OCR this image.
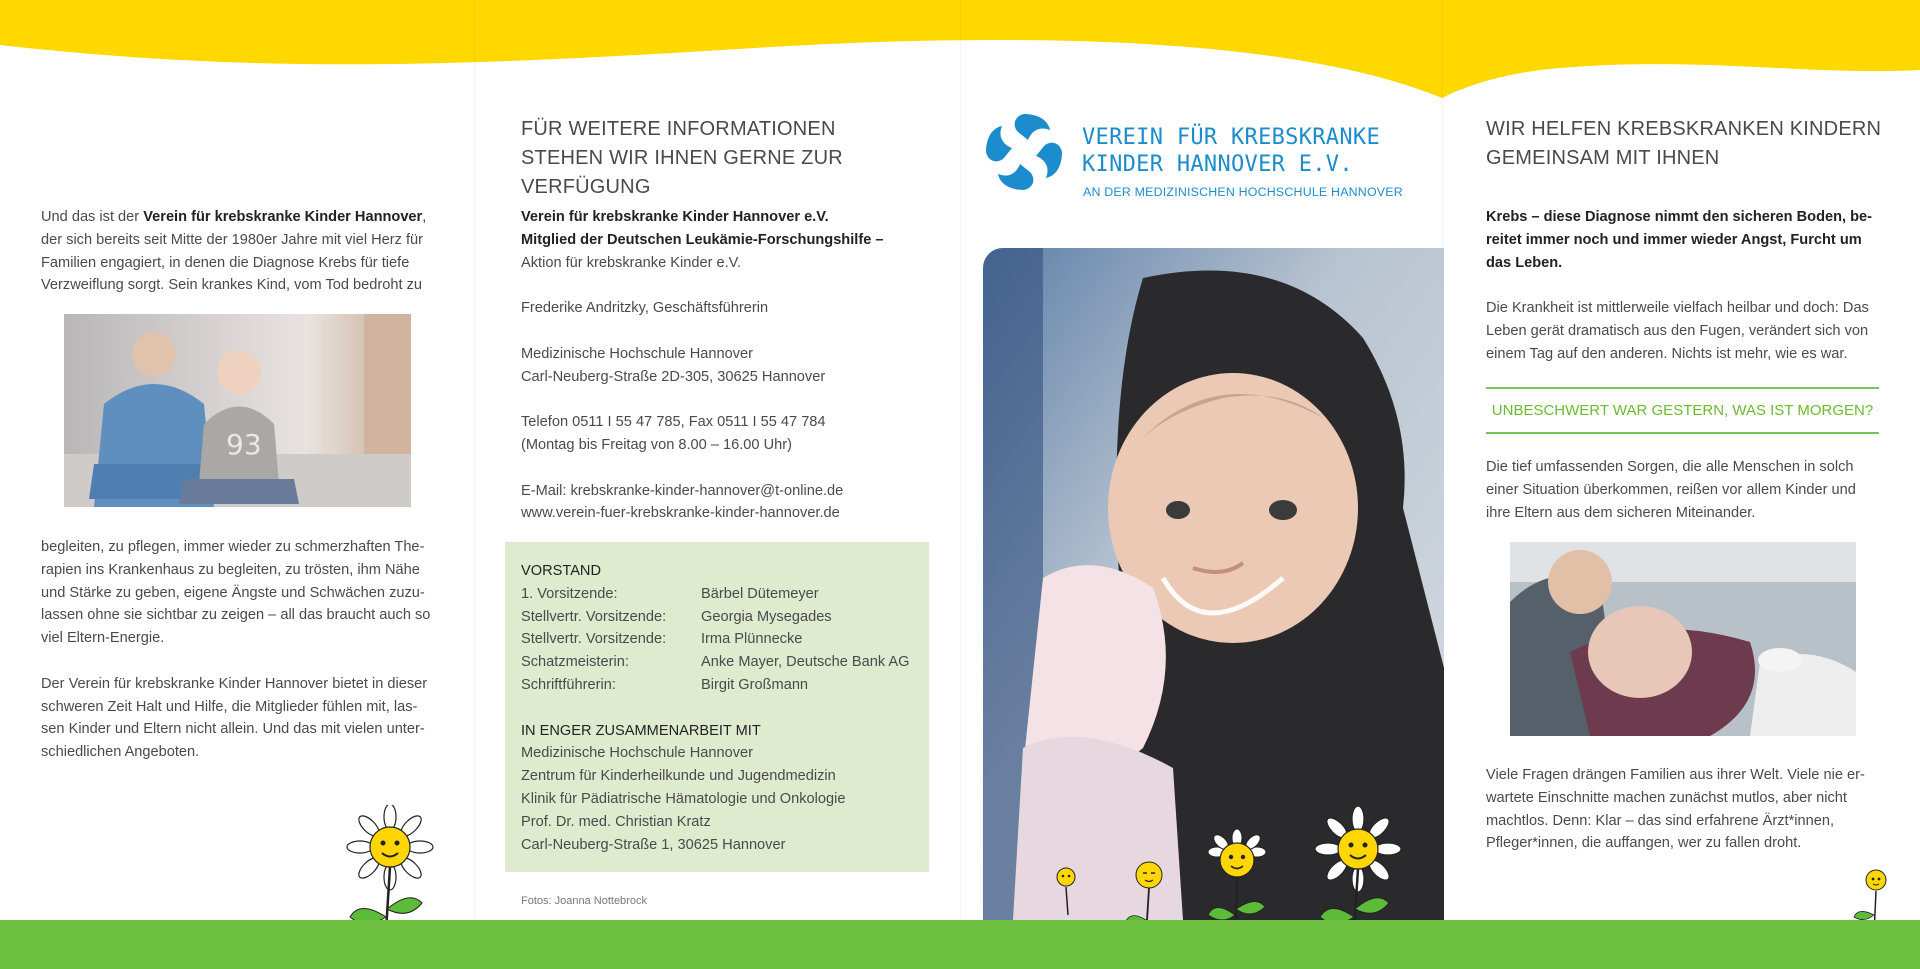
Und das ist der Verein für krebskranke Kinder Hannover, der sich bereits seit Mitte der 1980er Jahre mit viel Herz für Familien engagiert, in denen die Diagnose Krebs für tiefe Verzweiflung sorgt. Sein krankes Kind, vom Tod bedroht zu
93

begleiten, zu pflegen, immer wieder zu schmerzhaften Therapien ins Krankenhaus zu begleiten, zu trösten, ihm Nähe und Stärke zu geben, eigene Ängste und Schwächen zuzulassen ohne sie sichtbar zu zeigen – all das braucht auch so viel Eltern-Energie.

Der Verein für krebskranke Kinder Hannover bietet in dieser schweren Zeit Halt und Hilfe, die Mitglieder fühlen mit, lassen Kinder und Eltern nicht allein. Und das mit vielen unterschiedlichen Angeboten.

FÜR WEITERE INFORMATIONEN
STEHEN WIR IHNEN GERNE ZUR VERFÜGUNG
Verein für krebskranke Kinder Hannover e.V.
Mitglied der Deutschen Leukämie-Forschungshilfe –
Aktion für krebskranke Kinder e.V.
Frederike Andritzky, Geschäftsführerin
Medizinische Hochschule Hannover
Carl-Neuberg-Straße 2D-305, 30625 Hannover
Telefon 0511 I 55 47 785, Fax 0511 I 55 47 784
(Montag bis Freitag von 8.00 – 16.00 Uhr)
E-Mail: krebskranke-kinder-hannover@t-online.de
www.verein-fuer-krebskranke-kinder-hannover.de
VORSTAND
1. Vorsitzende:	Bärbel Dütemeyer
Stellvertr. Vorsitzende:	Georgia Mysegades
Stellvertr. Vorsitzende:	Irma Plünnecke
Schatzmeisterin:	Anke Mayer, Deutsche Bank AG
Schriftführerin:	Birgit Großmann
IN ENGER ZUSAMMENARBEIT MIT
Medizinische Hochschule Hannover
Zentrum für Kinderheilkunde und Jugendmedizin
Klinik für Pädiatrische Hämatologie und Onkologie
Prof. Dr. med. Christian Kratz
Carl-Neuberg-Straße 1, 30625 Hannover
Fotos: Joanna Nottebrock
VEREIN FÜR KREBSKRANKE
KINDER HANNOVER E.V.
AN DER MEDIZINISCHEN HOCHSCHULE HANNOVER
WIR HELFEN KREBSKRANKEN KINDERN
GEMEINSAM MIT IHNEN

Krebs – diese Diagnose nimmt den sicheren Boden, bereitet immer noch und immer wieder Angst, Furcht um das Leben.

Die Krankheit ist mittlerweile vielfach heilbar und doch: Das Leben gerät dramatisch aus den Fugen, verändert sich von einem Tag auf den anderen. Nichts ist mehr, wie es war.

UNBESCHWERT WAR GESTERN, WAS IST MORGEN?

Die tief umfassenden Sorgen, die alle Menschen in solch einer Situation überkommen, reißen vor allem Kinder und ihre Eltern aus dem sicheren Miteinander.

Viele Fragen drängen Familien aus ihrer Welt. Viele nie erwartete Einschnitte machen zunächst mutlos, aber nicht machtlos. Denn: Klar – das sind erfahrene Ärzt*innen, Pfleger*innen, die auffangen, wer zu fallen droht.
